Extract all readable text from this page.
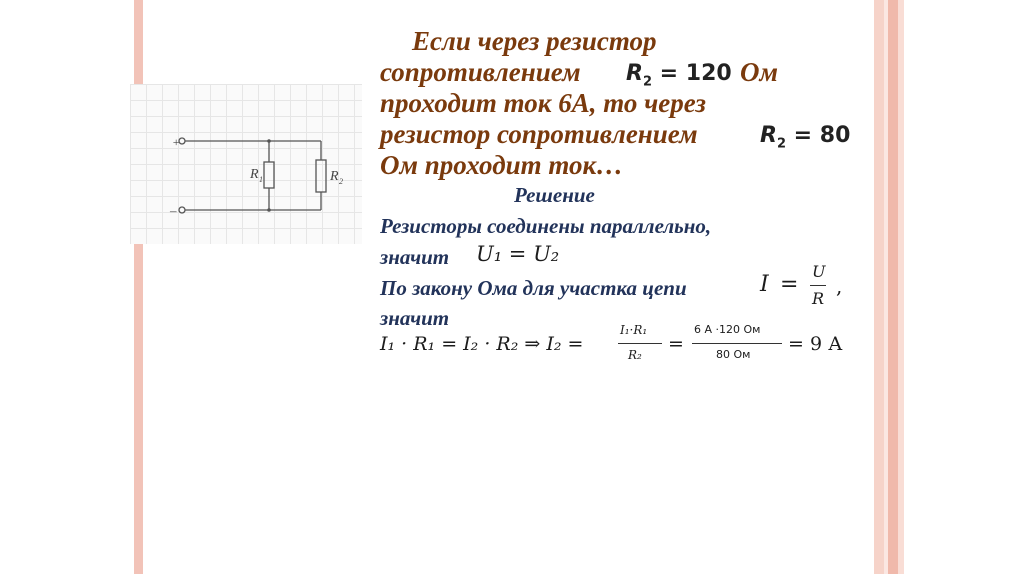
+
–
R 1	R 2
Если через резистор
сопротивлением $R_2 = 120$ Ом
проходит ток 6А, то через
резистор сопротивлением	$R_2 = 80$
Ом проходит ток…
Решение
Резисторы соединены параллельно,
значит U₁ = U₂
По закону Ома для участка цепи	I =
U
R
,
значит
I₁ · R₁ = I₂ · R₂ ⇒ I₂ =
I₁·R₁
R₂ =
6 А ·120 Ом
80 Ом = 9 А
